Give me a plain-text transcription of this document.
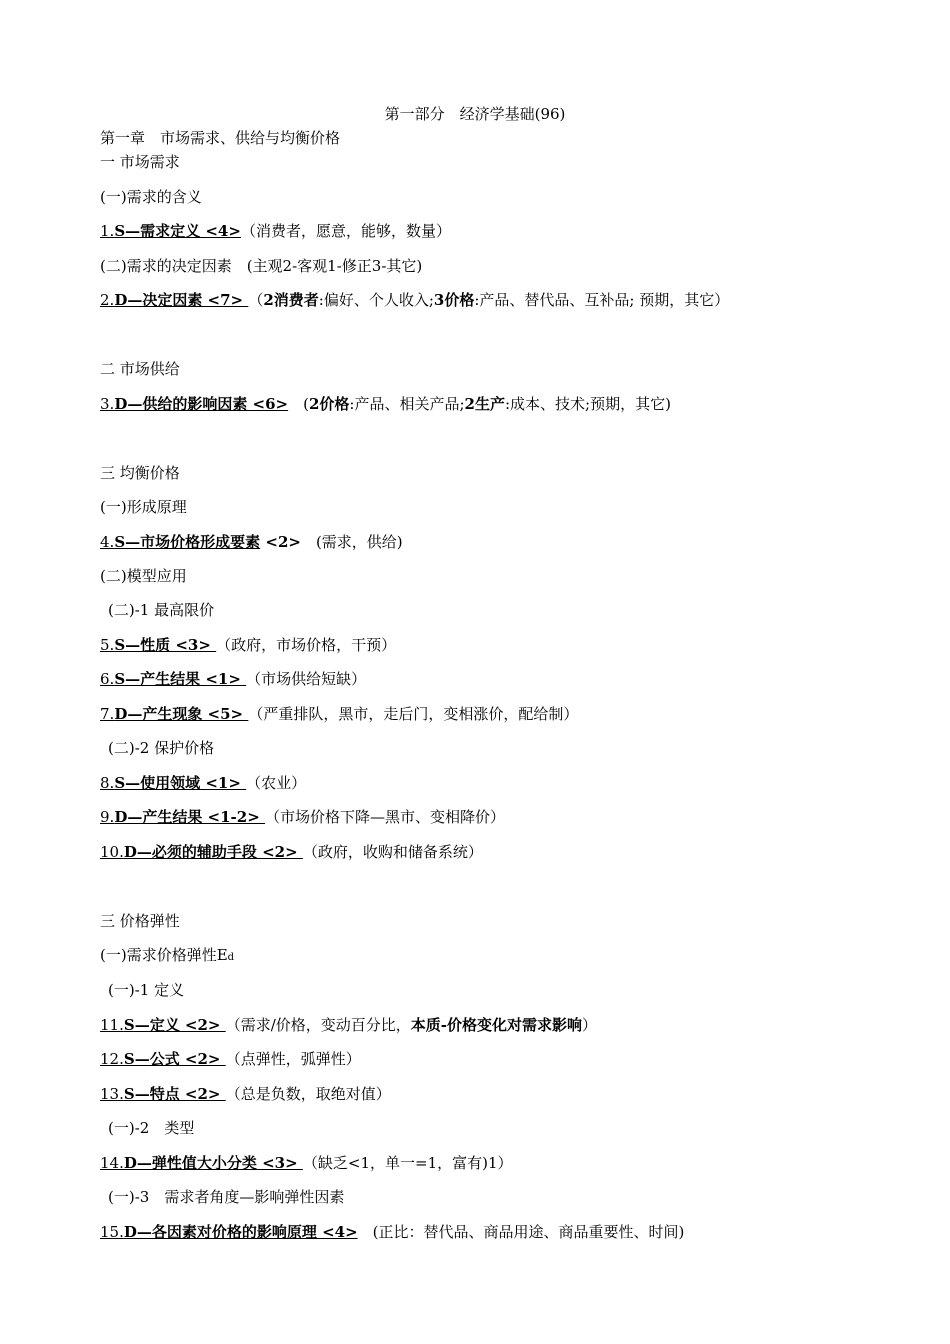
第一部分　经济学基础(96)
第一章　市场需求、供给与均衡价格
一 市场需求
(一)需求的含义
1.S—需求定义 <4>（消费者，愿意，能够，数量）
(二)需求的决定因素　(主观2-客观1-修正3-其它)
2.D—决定因素 <7> （2消费者:偏好、个人收入;3价格:产品、替代品、互补品; 预期，其它）
二 市场供给
3.D—供给的影响因素 <6>　(2价格:产品、相关产品;2生产:成本、技术;预期，其它)
三 均衡价格
(一)形成原理
4.S—市场价格形成要素 <2>　(需求，供给)
(二)模型应用
(二)-1 最高限价
5.S—性质 <3> （政府，市场价格，干预）
6.S—产生结果 <1> （市场供给短缺）
7.D—产生现象 <5> （严重排队，黑市，走后门，变相涨价，配给制）
(二)-2 保护价格
8.S—使用领域 <1> （农业）
9.D—产生结果 <1-2> （市场价格下降—黑市、变相降价）
10.D—必须的辅助手段 <2> （政府，收购和储备系统）
三 价格弹性
(一)需求价格弹性Ed
(一)-1 定义
11.S—定义 <2> （需求/价格，变动百分比，本质-价格变化对需求影响）
12.S—公式 <2> （点弹性，弧弹性）
13.S—特点 <2> （总是负数，取绝对值）
(一)-2　类型
14.D—弹性值大小分类 <3> （缺乏<1，单一=1，富有)1）
(一)-3　需求者角度—影响弹性因素
15.D—各因素对价格的影响原理 <4>　(正比：替代品、商品用途、商品重要性、时间)
